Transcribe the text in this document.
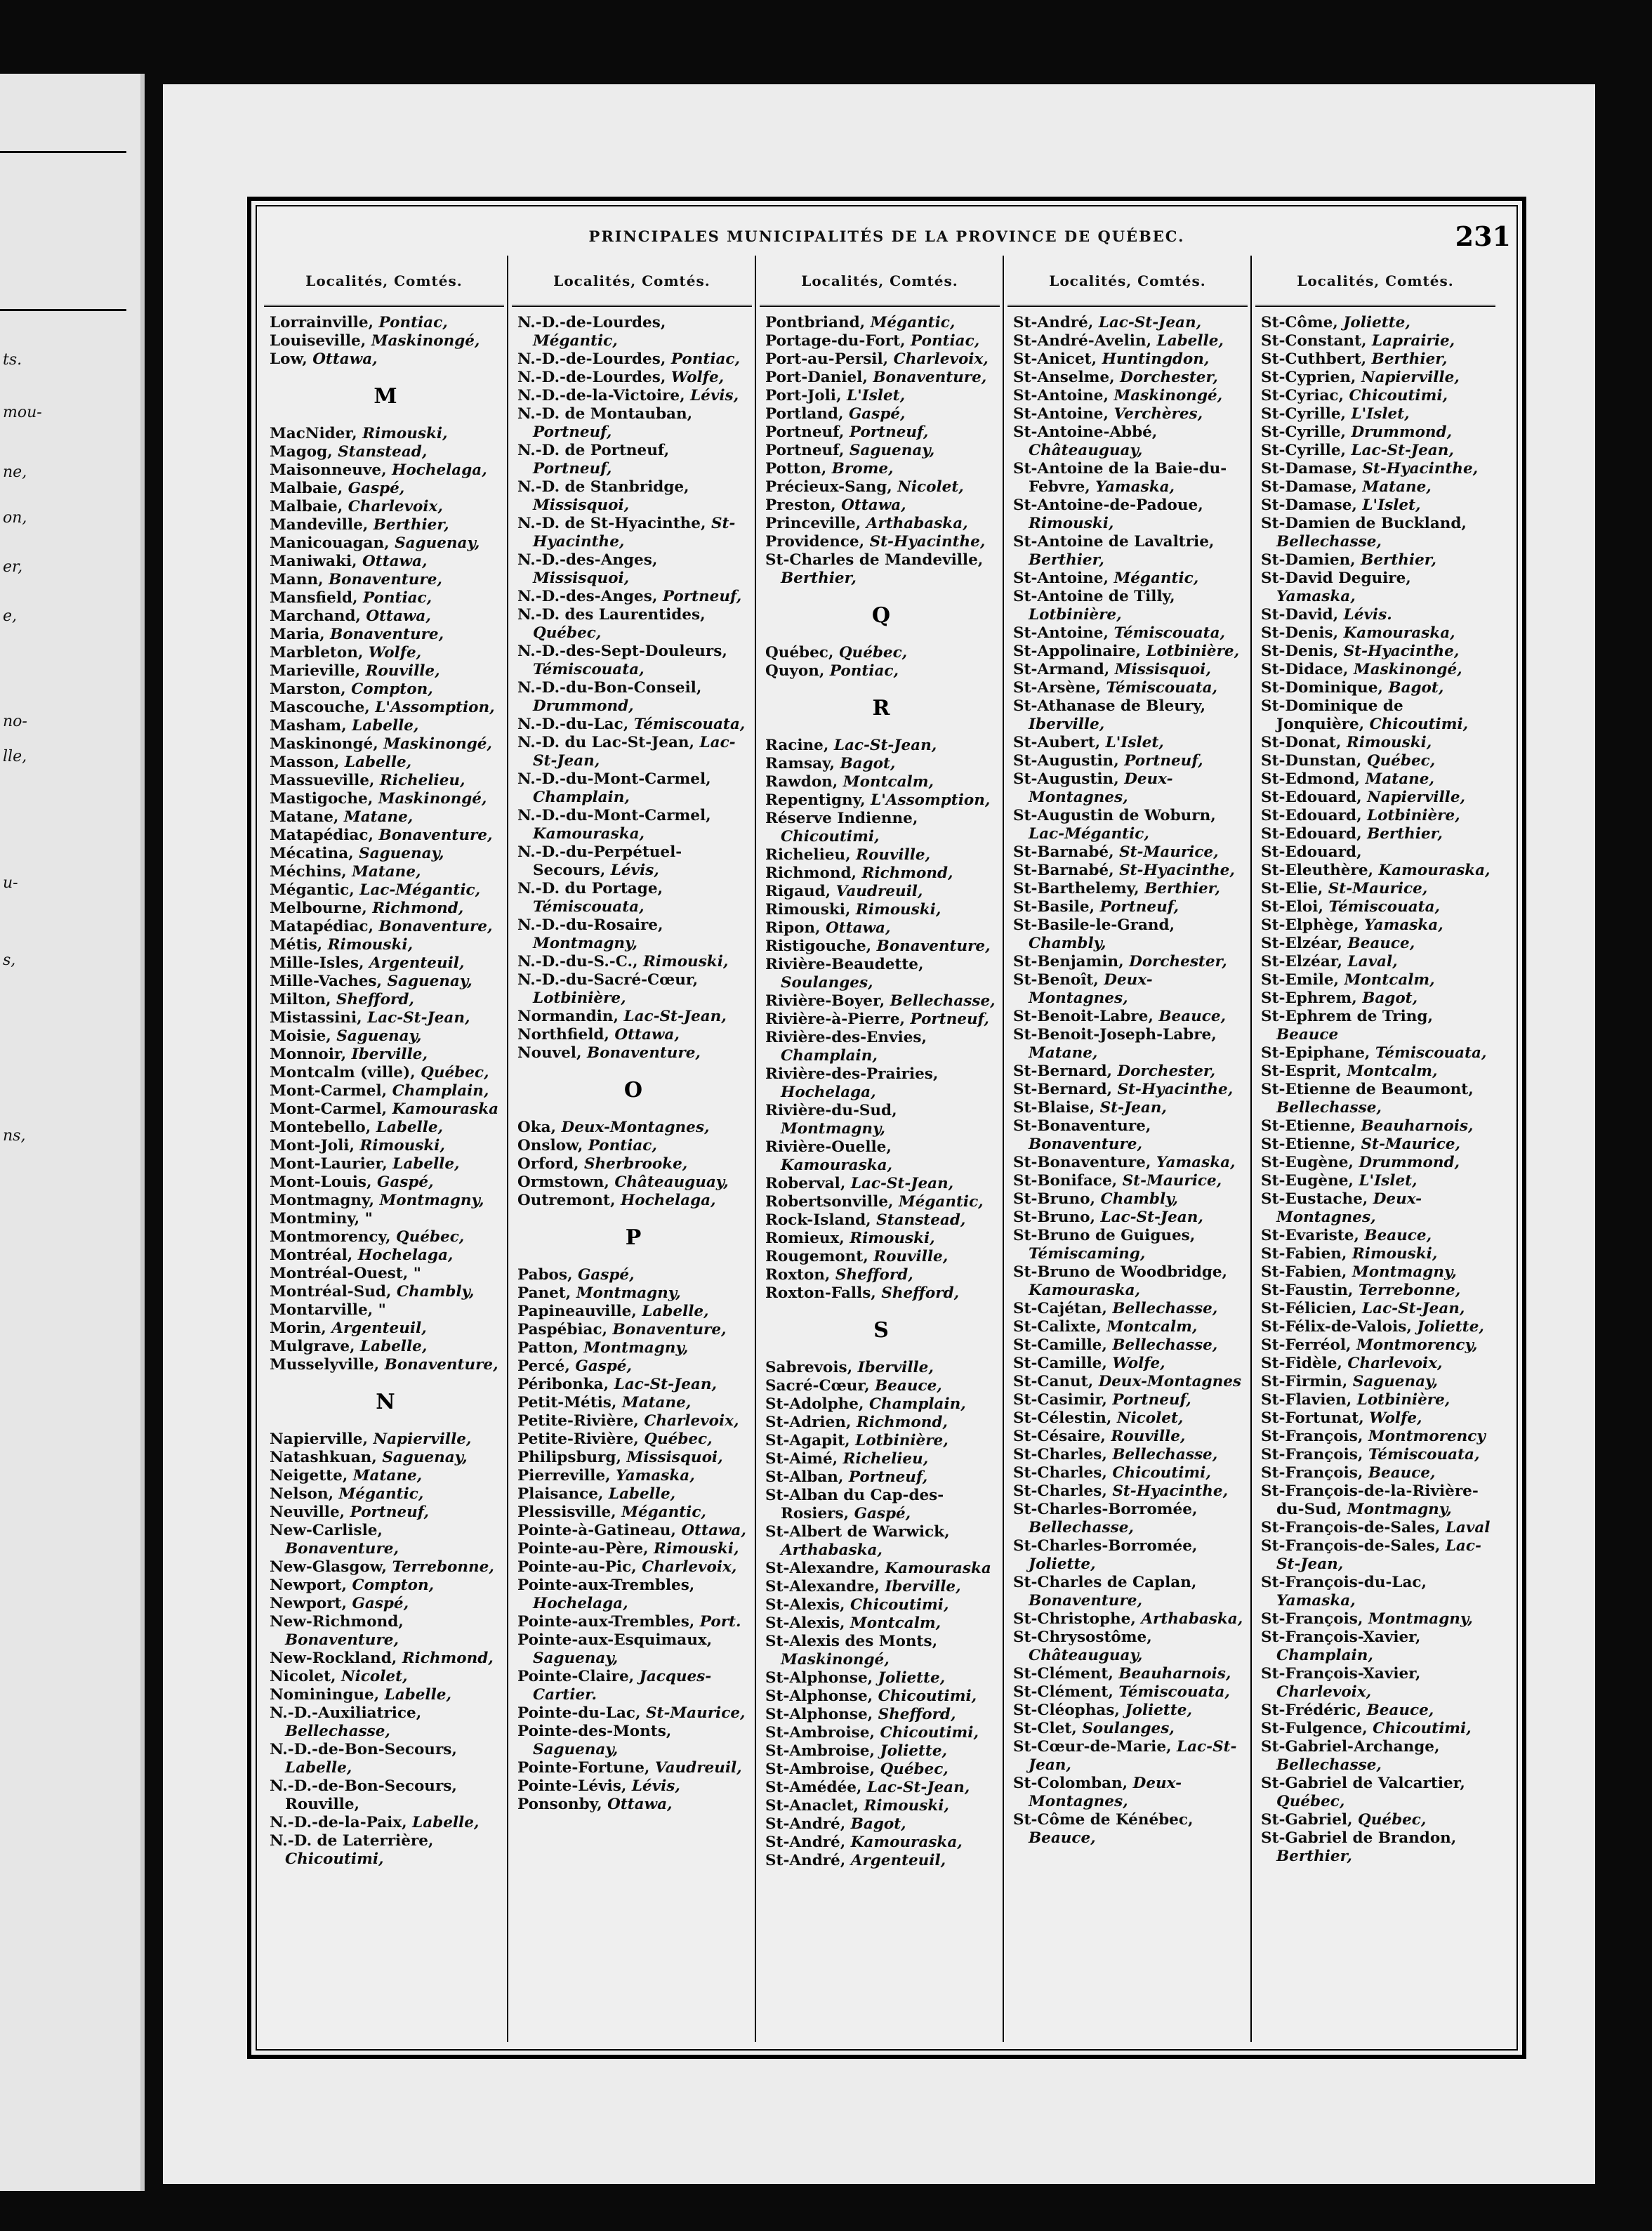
ts.
mou-
ne,
on,
er,
e,
no-
lle,
u-
s,
ns,
PRINCIPALES MUNICIPALITÉS DE LA PROVINCE DE QUÉBEC.	231
Localités, Comtés.
Lorrainville, Pontiac,
Louiseville, Maskinongé,
Low, Ottawa,
M
MacNider, Rimouski,
Magog, Stanstead,
Maisonneuve, Hochelaga,
Malbaie, Gaspé,
Malbaie, Charlevoix,
Mandeville, Berthier,
Manicouagan, Saguenay,
Maniwaki, Ottawa,
Mann, Bonaventure,
Mansfield, Pontiac,
Marchand, Ottawa,
Maria, Bonaventure,
Marbleton, Wolfe,
Marieville, Rouville,
Marston, Compton,
Mascouche, L'Assomption,
Masham, Labelle,
Maskinongé, Maskinongé,
Masson, Labelle,
Massueville, Richelieu,
Mastigoche, Maskinongé,
Matane, Matane,
Matapédiac, Bonaventure,
Mécatina, Saguenay,
Méchins, Matane,
Mégantic, Lac-Mégantic,
Melbourne, Richmond,
Matapédiac, Bonaventure,
Métis, Rimouski,
Mille-Isles, Argenteuil,
Mille-Vaches, Saguenay,
Milton, Shefford,
Mistassini, Lac-St-Jean,
Moisie, Saguenay,
Monnoir, Iberville,
Montcalm (ville), Québec,
Mont-Carmel, Champlain,
Mont-Carmel, Kamouraska
Montebello, Labelle,
Mont-Joli, Rimouski,
Mont-Laurier, Labelle,
Mont-Louis, Gaspé,
Montmagny, Montmagny,
Montminy, "
Montmorency, Québec,
Montréal, Hochelaga,
Montréal-Ouest, "
Montréal-Sud, Chambly,
Montarville, "
Morin, Argenteuil,
Mulgrave, Labelle,
Musselyville, Bonaventure,
N
Napierville, Napierville,
Natashkuan, Saguenay,
Neigette, Matane,
Nelson, Mégantic,
Neuville, Portneuf,
New-Carlisle, Bonaventure,
New-Glasgow, Terrebonne,
Newport, Compton,
Newport, Gaspé,
New-Richmond, Bonaventure,
New-Rockland, Richmond,
Nicolet, Nicolet,
Nominingue, Labelle,
N.-D.-Auxiliatrice, Bellechasse,
N.-D.-de-Bon-Secours, Labelle,
N.-D.-de-Bon-Secours, Rouville,
N.-D.-de-la-Paix, Labelle,
N.-D. de Laterrière, Chicoutimi,
Localités, Comtés.
N.-D.-de-Lourdes, Mégantic,
N.-D.-de-Lourdes, Pontiac,
N.-D.-de-Lourdes, Wolfe,
N.-D.-de-la-Victoire, Lévis,
N.-D. de Montauban, Portneuf,
N.-D. de Portneuf, Portneuf,
N.-D. de Stanbridge, Missisquoi,
N.-D. de St-Hyacinthe, St-Hyacinthe,
N.-D.-des-Anges, Missisquoi,
N.-D.-des-Anges, Portneuf,
N.-D. des Laurentides, Québec,
N.-D.-des-Sept-Douleurs, Témiscouata,
N.-D.-du-Bon-Conseil, Drummond,
N.-D.-du-Lac, Témiscouata,
N.-D. du Lac-St-Jean, Lac-St-Jean,
N.-D.-du-Mont-Carmel, Champlain,
N.-D.-du-Mont-Carmel, Kamouraska,
N.-D.-du-Perpétuel-Secours, Lévis,
N.-D. du Portage, Témiscouata,
N.-D.-du-Rosaire, Montmagny,
N.-D.-du-S.-C., Rimouski,
N.-D.-du-Sacré-Cœur, Lotbinière,
Normandin, Lac-St-Jean,
Northfield, Ottawa,
Nouvel, Bonaventure,
O
Oka, Deux-Montagnes,
Onslow, Pontiac,
Orford, Sherbrooke,
Ormstown, Châteauguay,
Outremont, Hochelaga,
P
Pabos, Gaspé,
Panet, Montmagny,
Papineauville, Labelle,
Paspébiac, Bonaventure,
Patton, Montmagny,
Percé, Gaspé,
Péribonka, Lac-St-Jean,
Petit-Métis, Matane,
Petite-Rivière, Charlevoix,
Petite-Rivière, Québec,
Philipsburg, Missisquoi,
Pierreville, Yamaska,
Plaisance, Labelle,
Plessisville, Mégantic,
Pointe-à-Gatineau, Ottawa,
Pointe-au-Père, Rimouski,
Pointe-au-Pic, Charlevoix,
Pointe-aux-Trembles, Hochelaga,
Pointe-aux-Trembles, Port.
Pointe-aux-Esquimaux, Saguenay,
Pointe-Claire, Jacques-Cartier.
Pointe-du-Lac, St-Maurice,
Pointe-des-Monts, Saguenay,
Pointe-Fortune, Vaudreuil,
Pointe-Lévis, Lévis,
Ponsonby, Ottawa,
Localités, Comtés.
Pontbriand, Mégantic,
Portage-du-Fort, Pontiac,
Port-au-Persil, Charlevoix,
Port-Daniel, Bonaventure,
Port-Joli, L'Islet,
Portland, Gaspé,
Portneuf, Portneuf,
Portneuf, Saguenay,
Potton, Brome,
Précieux-Sang, Nicolet,
Preston, Ottawa,
Princeville, Arthabaska,
Providence, St-Hyacinthe,
St-Charles de Mandeville, Berthier,
Q
Québec, Québec,
Quyon, Pontiac,
R
Racine, Lac-St-Jean,
Ramsay, Bagot,
Rawdon, Montcalm,
Repentigny, L'Assomption,
Réserve Indienne, Chicoutimi,
Richelieu, Rouville,
Richmond, Richmond,
Rigaud, Vaudreuil,
Rimouski, Rimouski,
Ripon, Ottawa,
Ristigouche, Bonaventure,
Rivière-Beaudette, Soulanges,
Rivière-Boyer, Bellechasse,
Rivière-à-Pierre, Portneuf,
Rivière-des-Envies, Champlain,
Rivière-des-Prairies, Hochelaga,
Rivière-du-Sud, Montmagny,
Rivière-Ouelle, Kamouraska,
Roberval, Lac-St-Jean,
Robertsonville, Mégantic,
Rock-Island, Stanstead,
Romieux, Rimouski,
Rougemont, Rouville,
Roxton, Shefford,
Roxton-Falls, Shefford,
S
Sabrevois, Iberville,
Sacré-Cœur, Beauce,
St-Adolphe, Champlain,
St-Adrien, Richmond,
St-Agapit, Lotbinière,
St-Aimé, Richelieu,
St-Alban, Portneuf,
St-Alban du Cap-des-Rosiers, Gaspé,
St-Albert de Warwick, Arthabaska,
St-Alexandre, Kamouraska
St-Alexandre, Iberville,
St-Alexis, Chicoutimi,
St-Alexis, Montcalm,
St-Alexis des Monts, Maskinongé,
St-Alphonse, Joliette,
St-Alphonse, Chicoutimi,
St-Alphonse, Shefford,
St-Ambroise, Chicoutimi,
St-Ambroise, Joliette,
St-Ambroise, Québec,
St-Amédée, Lac-St-Jean,
St-Anaclet, Rimouski,
St-André, Bagot,
St-André, Kamouraska,
St-André, Argenteuil,
Localités, Comtés.
St-André, Lac-St-Jean,
St-André-Avelin, Labelle,
St-Anicet, Huntingdon,
St-Anselme, Dorchester,
St-Antoine, Maskinongé,
St-Antoine, Verchères,
St-Antoine-Abbé, Châteauguay,
St-Antoine de la Baie-du-Febvre, Yamaska,
St-Antoine-de-Padoue, Rimouski,
St-Antoine de Lavaltrie, Berthier,
St-Antoine, Mégantic,
St-Antoine de Tilly, Lotbinière,
St-Antoine, Témiscouata,
St-Appolinaire, Lotbinière,
St-Armand, Missisquoi,
St-Arsène, Témiscouata,
St-Athanase de Bleury, Iberville,
St-Aubert, L'Islet,
St-Augustin, Portneuf,
St-Augustin, Deux-Montagnes,
St-Augustin de Woburn, Lac-Mégantic,
St-Barnabé, St-Maurice,
St-Barnabé, St-Hyacinthe,
St-Barthelemy, Berthier,
St-Basile, Portneuf,
St-Basile-le-Grand, Chambly,
St-Benjamin, Dorchester,
St-Benoît, Deux-Montagnes,
St-Benoit-Labre, Beauce,
St-Benoit-Joseph-Labre, Matane,
St-Bernard, Dorchester,
St-Bernard, St-Hyacinthe,
St-Blaise, St-Jean,
St-Bonaventure, Bonaventure,
St-Bonaventure, Yamaska,
St-Boniface, St-Maurice,
St-Bruno, Chambly,
St-Bruno, Lac-St-Jean,
St-Bruno de Guigues, Témiscaming,
St-Bruno de Woodbridge, Kamouraska,
St-Cajétan, Bellechasse,
St-Calixte, Montcalm,
St-Camille, Bellechasse,
St-Camille, Wolfe,
St-Canut, Deux-Montagnes
St-Casimir, Portneuf,
St-Célestin, Nicolet,
St-Césaire, Rouville,
St-Charles, Bellechasse,
St-Charles, Chicoutimi,
St-Charles, St-Hyacinthe,
St-Charles-Borromée, Bellechasse,
St-Charles-Borromée, Joliette,
St-Charles de Caplan, Bonaventure,
St-Christophe, Arthabaska,
St-Chrysostôme, Châteauguay,
St-Clément, Beauharnois,
St-Clément, Témiscouata,
St-Cléophas, Joliette,
St-Clet, Soulanges,
St-Cœur-de-Marie, Lac-St-Jean,
St-Colomban, Deux-Montagnes,
St-Côme de Kénébec, Beauce,
Localités, Comtés.
St-Côme, Joliette,
St-Constant, Laprairie,
St-Cuthbert, Berthier,
St-Cyprien, Napierville,
St-Cyriac, Chicoutimi,
St-Cyrille, L'Islet,
St-Cyrille, Drummond,
St-Cyrille, Lac-St-Jean,
St-Damase, St-Hyacinthe,
St-Damase, Matane,
St-Damase, L'Islet,
St-Damien de Buckland, Bellechasse,
St-Damien, Berthier,
St-David Deguire, Yamaska,
St-David, Lévis.
St-Denis, Kamouraska,
St-Denis, St-Hyacinthe,
St-Didace, Maskinongé,
St-Dominique, Bagot,
St-Dominique de Jonquière, Chicoutimi,
St-Donat, Rimouski,
St-Dunstan, Québec,
St-Edmond, Matane,
St-Edouard, Napierville,
St-Edouard, Lotbinière,
St-Edouard, Berthier,
St-Edouard,
St-Eleuthère, Kamouraska,
St-Elie, St-Maurice,
St-Eloi, Témiscouata,
St-Elphège, Yamaska,
St-Elzéar, Beauce,
St-Elzéar, Laval,
St-Emile, Montcalm,
St-Ephrem, Bagot,
St-Ephrem de Tring, Beauce
St-Epiphane, Témiscouata,
St-Esprit, Montcalm,
St-Etienne de Beaumont, Bellechasse,
St-Etienne, Beauharnois,
St-Etienne, St-Maurice,
St-Eugène, Drummond,
St-Eugène, L'Islet,
St-Eustache, Deux-Montagnes,
St-Evariste, Beauce,
St-Fabien, Rimouski,
St-Fabien, Montmagny,
St-Faustin, Terrebonne,
St-Félicien, Lac-St-Jean,
St-Félix-de-Valois, Joliette,
St-Ferréol, Montmorency,
St-Fidèle, Charlevoix,
St-Firmin, Saguenay,
St-Flavien, Lotbinière,
St-Fortunat, Wolfe,
St-François, Montmorency
St-François, Témiscouata,
St-François, Beauce,
St-François-de-la-Rivière-du-Sud, Montmagny,
St-François-de-Sales, Laval
St-François-de-Sales, Lac-St-Jean,
St-François-du-Lac, Yamaska,
St-François, Montmagny,
St-François-Xavier, Champlain,
St-François-Xavier, Charlevoix,
St-Frédéric, Beauce,
St-Fulgence, Chicoutimi,
St-Gabriel-Archange, Bellechasse,
St-Gabriel de Valcartier, Québec,
St-Gabriel, Québec,
St-Gabriel de Brandon, Berthier,
